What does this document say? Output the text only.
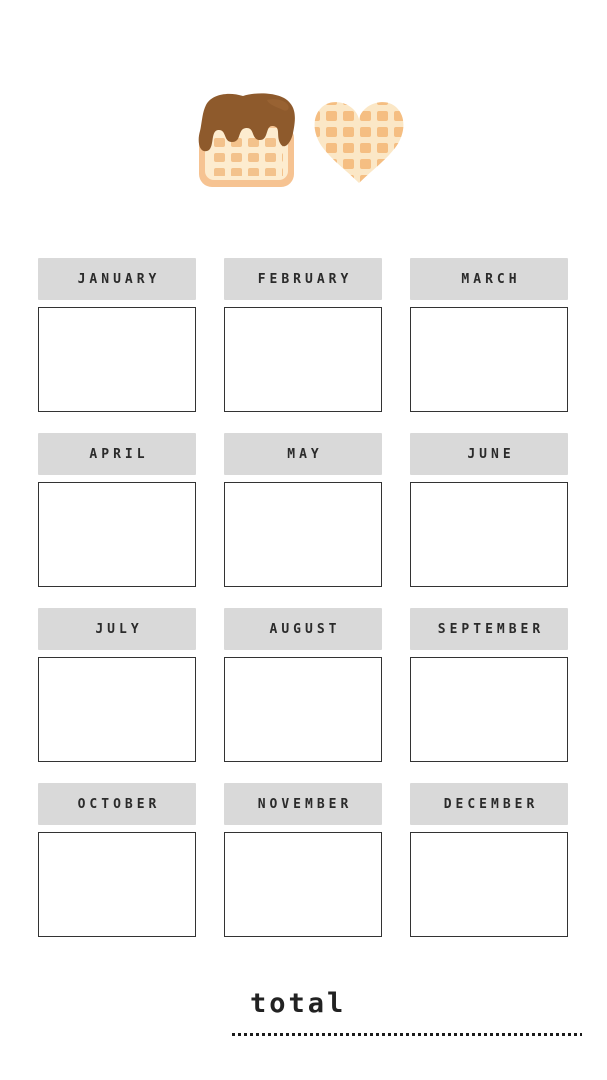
JANUARY	FEBRUARY	MARCH
APRIL	MAY	JUNE
JULY	AUGUST	SEPTEMBER
OCTOBER	NOVEMBER	DECEMBER
total
